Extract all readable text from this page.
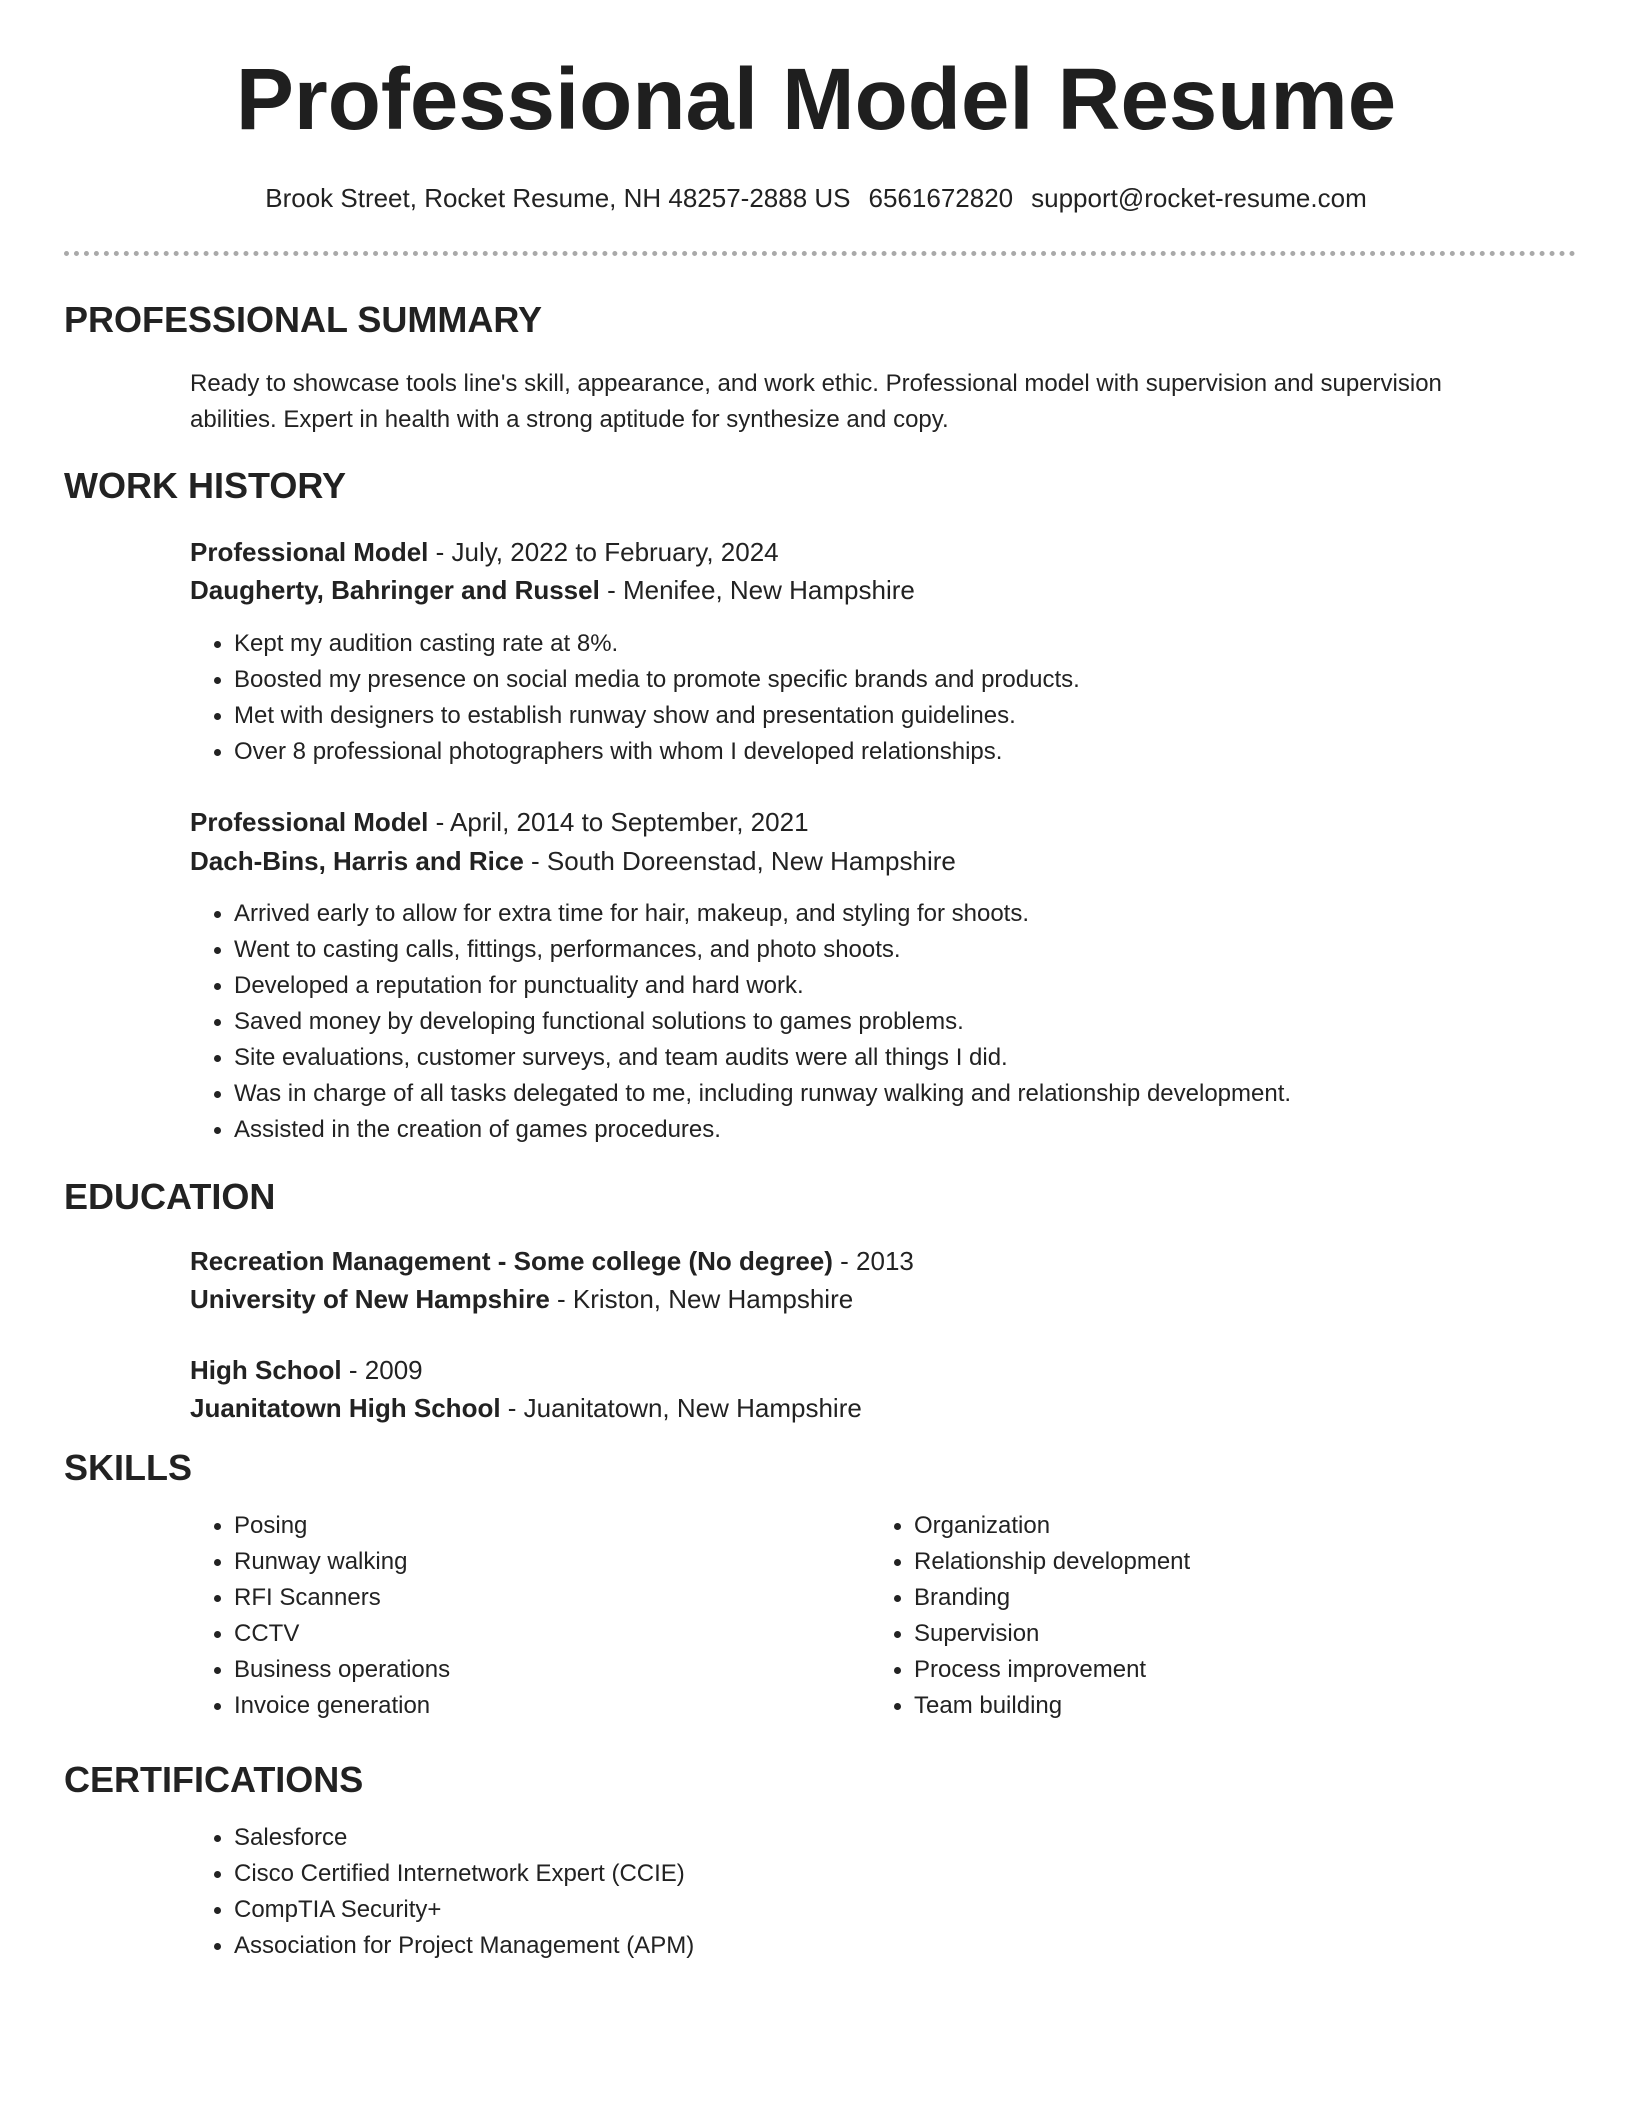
Professional Model Resume
Brook Street, Rocket Resume, NH 48257-2888 US 6561672820 support@rocket-resume.com
PROFESSIONAL SUMMARY

Ready to showcase tools line's skill, appearance, and work ethic. Professional model with supervision and supervision abilities. Expert in health with a strong aptitude for synthesize and copy.

WORK HISTORY
Professional Model - July, 2022 to February, 2024
Daugherty, Bahringer and Russel - Menifee, New Hampshire
• Kept my audition casting rate at 8%.
• Boosted my presence on social media to promote specific brands and products.
• Met with designers to establish runway show and presentation guidelines.
• Over 8 professional photographers with whom I developed relationships.
Professional Model - April, 2014 to September, 2021
Dach-Bins, Harris and Rice - South Doreenstad, New Hampshire
• Arrived early to allow for extra time for hair, makeup, and styling for shoots.
• Went to casting calls, fittings, performances, and photo shoots.
• Developed a reputation for punctuality and hard work.
• Saved money by developing functional solutions to games problems.
• Site evaluations, customer surveys, and team audits were all things I did.
• Was in charge of all tasks delegated to me, including runway walking and relationship development.
• Assisted in the creation of games procedures.
EDUCATION
Recreation Management - Some college (No degree) - 2013
University of New Hampshire - Kriston, New Hampshire
High School - 2009
Juanitatown High School - Juanitatown, New Hampshire
SKILLS
• Posing
• Runway walking
• RFI Scanners
• CCTV
• Business operations
• Invoice generation
• Organization
• Relationship development
• Branding
• Supervision
• Process improvement
• Team building
CERTIFICATIONS
• Salesforce
• Cisco Certified Internetwork Expert (CCIE)
• CompTIA Security+
• Association for Project Management (APM)
